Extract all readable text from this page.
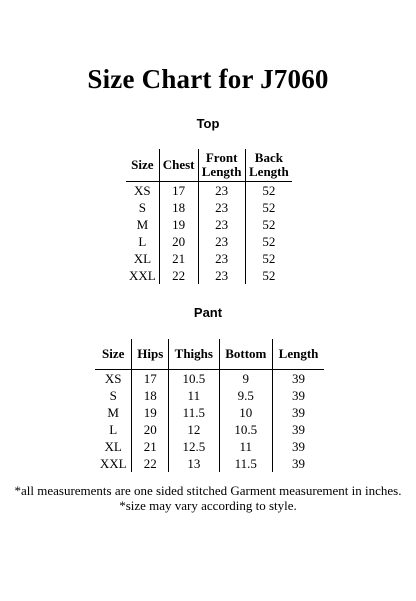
Size Chart for J7060
Top
Size	Chest	Front Length	Back Length
XS	17	23	52
S	18	23	52
M	19	23	52
L	20	23	52
XL	21	23	52
XXL	22	23	52
Pant
Size	Hips	Thighs	Bottom	Length
XS	17	10.5	9	39
S	18	11	9.5	39
M	19	11.5	10	39
L	20	12	10.5	39
XL	21	12.5	11	39
XXL	22	13	11.5	39
*all measurements are one sided stitched Garment measurement in inches.
*size may vary according to style.
